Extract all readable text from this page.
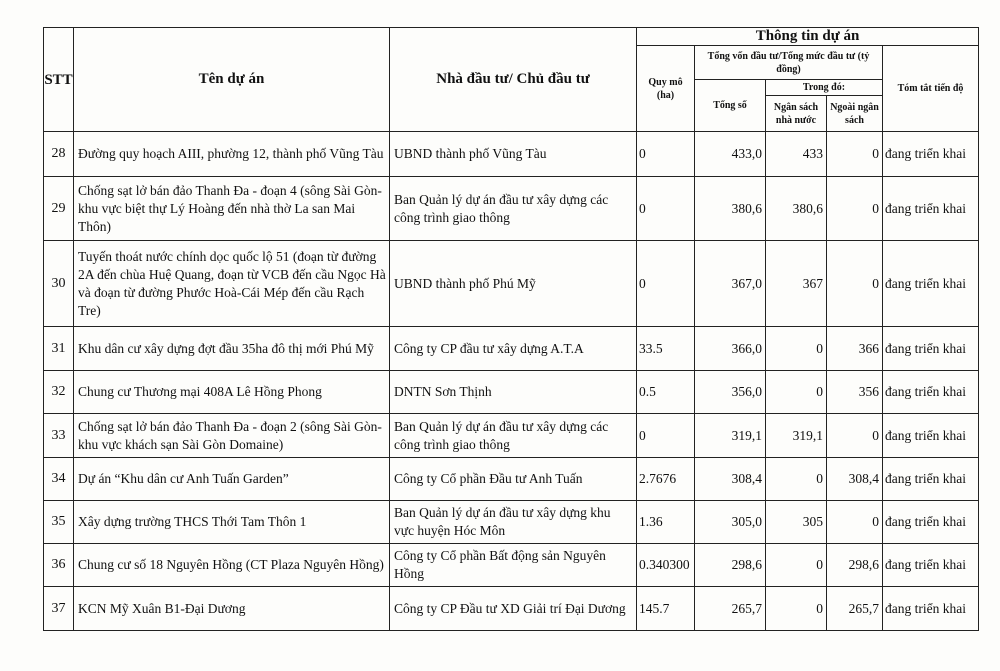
STT	Tên dự án	Nhà đầu tư/ Chủ đầu tư	Thông tin dự án				
			Quy mô (ha)	Tổng vốn đầu tư/Tổng mức đầu tư (tỷ đồng)			Tóm tắt tiến độ
				Tổng số	Trong đó:		
					Ngân sách nhà nước	Ngoài ngân sách	
28	Đường quy hoạch AIII, phường 12, thành phố Vũng Tàu	UBND thành phố Vũng Tàu	0	433,0	433	0	đang triển khai
29	Chống sạt lở bán đảo Thanh Đa - đoạn 4 (sông Sài Gòn-khu vực biệt thự Lý Hoàng đến nhà thờ La san Mai Thôn)	Ban Quản lý dự án đầu tư xây dựng các công trình giao thông	0	380,6	380,6	0	đang triển khai
30	Tuyến thoát nước chính dọc quốc lộ 51 (đoạn từ đường 2A đến chùa Huệ Quang, đoạn từ VCB đến cầu Ngọc Hà và đoạn từ đường Phước Hoà-Cái Mép đến cầu Rạch Tre)	UBND thành phố Phú Mỹ	0	367,0	367	0	đang triển khai
31	Khu dân cư xây dựng đợt đầu 35ha đô thị mới Phú Mỹ	Công ty CP đầu tư xây dựng A.T.A	33.5	366,0	0	366	đang triển khai
32	Chung cư Thương mại 408A Lê Hồng Phong	DNTN Sơn Thịnh	0.5	356,0	0	356	đang triển khai
33	Chống sạt lở bán đảo Thanh Đa - đoạn 2 (sông Sài Gòn-khu vực khách sạn Sài Gòn Domaine)	Ban Quản lý dự án đầu tư xây dựng các công trình giao thông	0	319,1	319,1	0	đang triển khai
34	Dự án “Khu dân cư Anh Tuấn Garden”	Công ty Cổ phần Đầu tư Anh Tuấn	2.7676	308,4	0	308,4	đang triển khai
35	Xây dựng trường THCS Thới Tam Thôn 1	Ban Quản lý dự án đầu tư xây dựng khu vực huyện Hóc Môn	1.36	305,0	305	0	đang triển khai
36	Chung cư số 18 Nguyên Hồng (CT Plaza Nguyên Hồng)	Công ty Cổ phần Bất động sản Nguyên Hồng	0.340300	298,6	0	298,6	đang triển khai
37	KCN Mỹ Xuân B1-Đại Dương	Công ty CP Đầu tư XD Giải trí Đại Dương	145.7	265,7	0	265,7	đang triển khai
